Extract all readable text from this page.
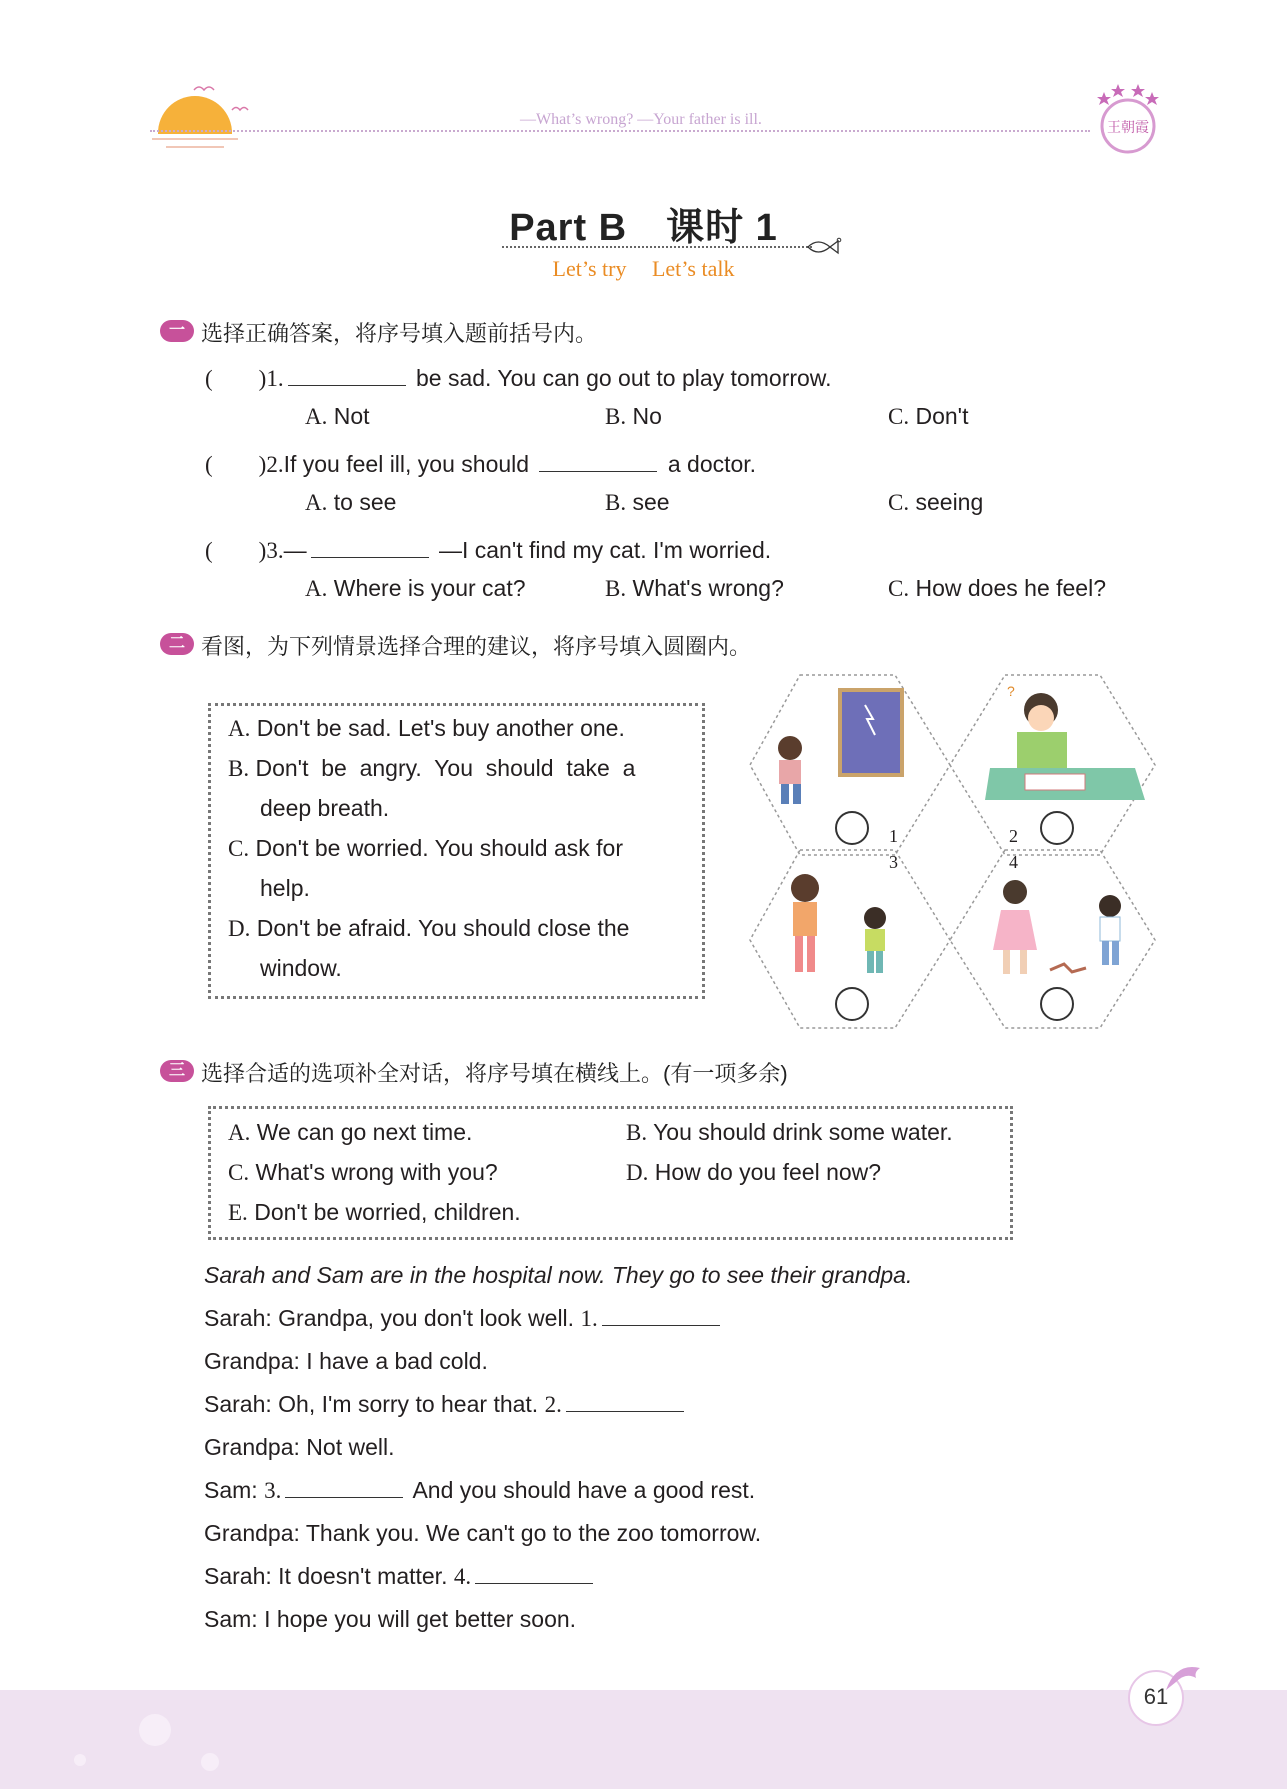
—What’s wrong? —Your father is ill.	王朝霞
Part B　课时 1
Let’s try Let’s talk
一 选择正确答案，将序号填入题前括号内。
(　　)1.	be sad. You can go out to play tomorrow.
A. Not	B. No	C. Don't
(　　)2.If you feel ill, you should	a doctor.
A. to see	B. see	C. seeing
(　　)3.—	—I can't find my cat. I'm worried.
A. Where is your cat?	B. What's wrong?	C. How does he feel?
二 看图，为下列情景选择合理的建议，将序号填入圆圈内。
A. Don't be sad. Let's buy another one.
B. Don't  be  angry.  You  should  take  a
deep breath.
C. Don't be worried. You should ask for
help.
D. Don't be afraid. You should close the
window.
?
1	2
3	4
三 选择合适的选项补全对话，将序号填在横线上。(有一项多余)
A. We can go next time.	B. You should drink some water.
C. What's wrong with you?	D. How do you feel now?
E. Don't be worried, children.
Sarah and Sam are in the hospital now. They go to see their grandpa.
Sarah: Grandpa, you don't look well. 1.
Grandpa: I have a bad cold.
Sarah: Oh, I'm sorry to hear that. 2.
Grandpa: Not well.
Sam: 3.	And you should have a good rest.
Grandpa: Thank you. We can't go to the zoo tomorrow.
Sarah: It doesn't matter. 4.
Sam: I hope you will get better soon.
61
